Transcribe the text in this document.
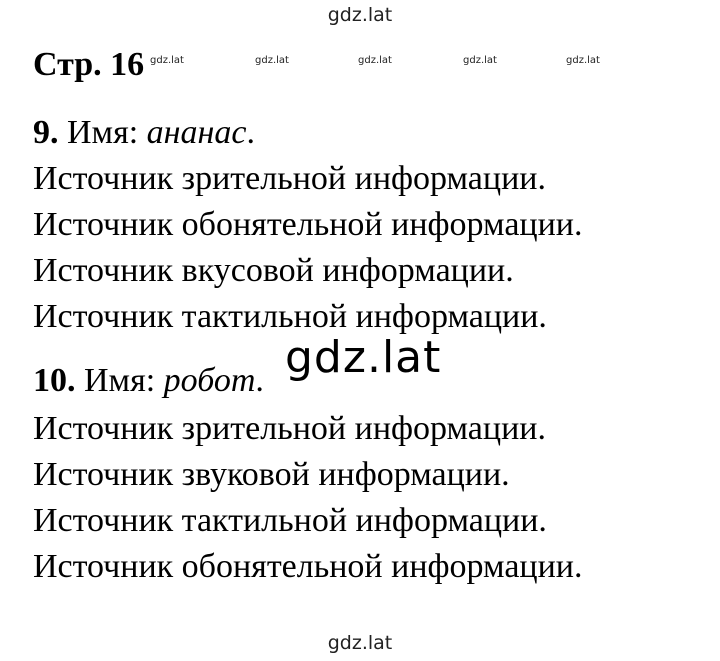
gdz.lat
Стр. 16 gdz.lat	gdz.lat	gdz.lat	gdz.lat	gdz.lat
9. Имя: ананас.
Источник зрительной информации.
Источник обонятельной информации.
Источник вкусовой информации.
Источник тактильной информации.
10. Имя: робот.
Источник зрительной информации.
Источник звуковой информации.
Источник тактильной информации.
Источник обонятельной информации.
gdz.lat
gdz.lat
